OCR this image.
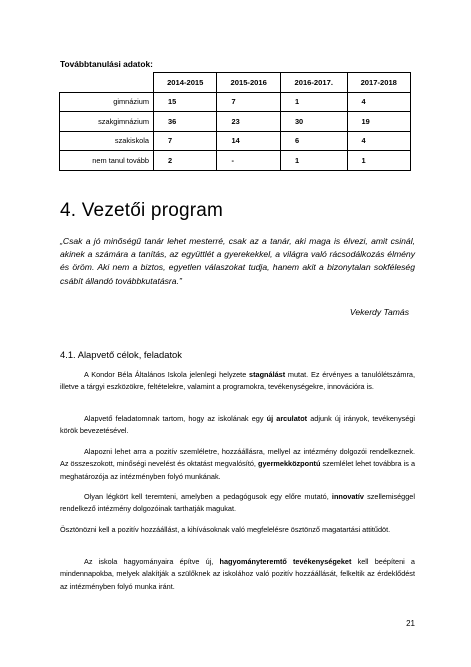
Továbbtanulási adatok:
	2014-2015	2015-2016	2016-2017.	2017-2018
gimnázium	15	7	1	4
szakgimnázium	36	23	30	19
szakiskola	7	14	6	4
nem tanul tovább	2	-	1	1
4. Vezetői program

„Csak a jó minőségű tanár lehet mesterré, csak az a tanár, aki maga is élvezi, amit csinál, akinek a számára a tanítás, az együttlét a gyerekekkel, a világra való rácsodálkozás élmény és öröm. Aki nem a biztos, egyetlen válaszokat tudja, hanem akit a bizonytalan sokféleség csábít állandó továbbkutatásra.”

Vekerdy Tamás
4.1. Alapvető célok, feladatok

A Kondor Béla Általános Iskola jelenlegi helyzete stagnálást mutat. Ez érvényes a tanulólétszámra, illetve a tárgyi eszközökre, feltételekre, valamint a programokra, tevékenységekre, innovációra is.

Alapvető feladatomnak tartom, hogy az iskolának egy új arculatot adjunk új irányok, tevékenységi körök bevezetésével.

Alapozni lehet arra a pozitív szemléletre, hozzáállásra, mellyel az intézmény dolgozói rendelkeznek. Az összeszokott, minőségi nevelést és oktatást megvalósító, gyermekközpontú szemlélet lehet továbbra is a meghatározója az intézményben folyó munkának.

Olyan légkört kell teremteni, amelyben a pedagógusok egy előre mutató, innovatív szellemiséggel rendelkező intézmény dolgozóinak tarthatják magukat.

Ösztönözni kell a pozitív hozzáállást, a kihívásoknak való megfelelésre ösztönző magatartási attitűdöt.

Az iskola hagyományaira építve új, hagyományteremtő tevékenységeket kell beépíteni a mindennapokba, melyek alakítják a szülőknek az iskolához való pozitív hozzáállását, felkeltik az érdeklődést az intézményben folyó munka iránt.

21
